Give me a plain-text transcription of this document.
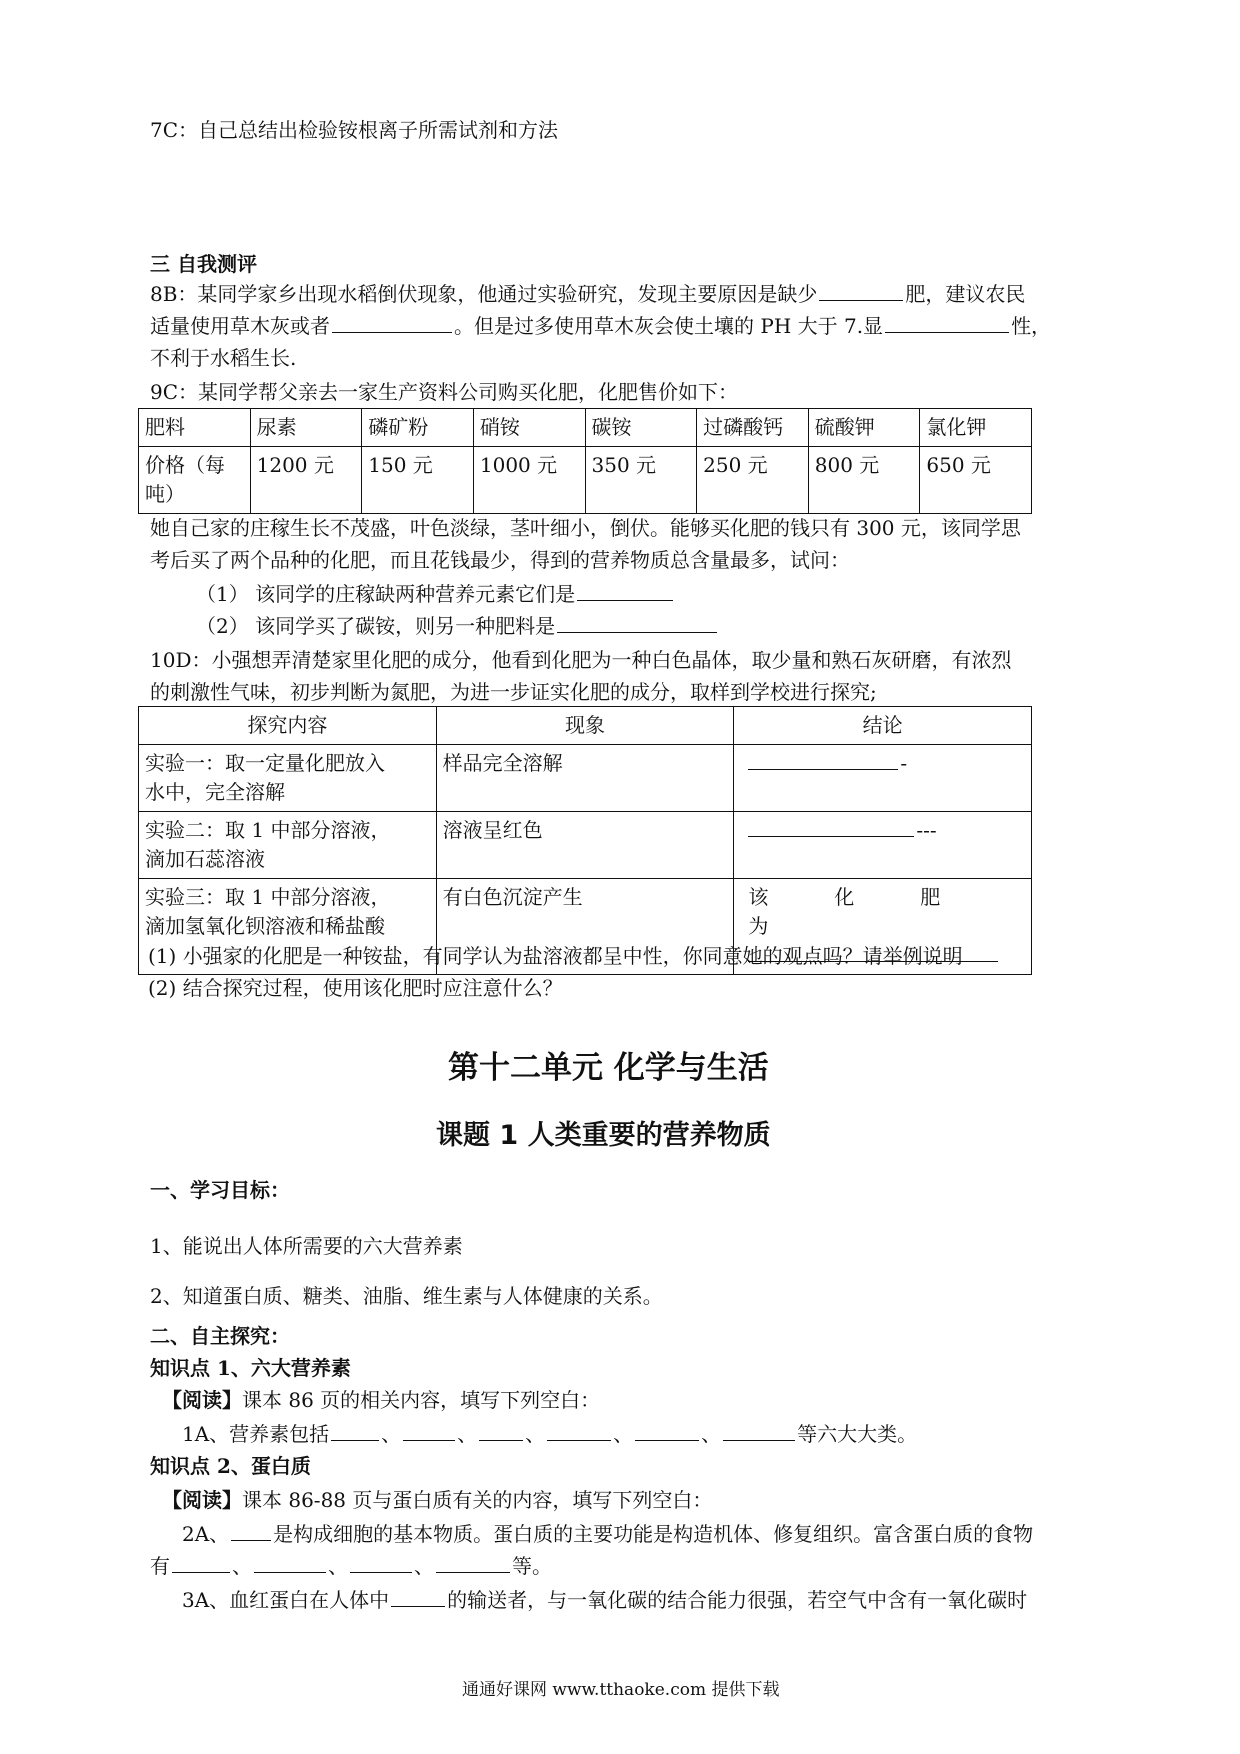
7C：自己总结出检验铵根离子所需试剂和方法
三 自我测评
8B：某同学家乡出现水稻倒伏现象，他通过实验研究，发现主要原因是缺少	肥，建议农民
适量使用草木灰或者	。但是过多使用草木灰会使土壤的 PH 大于 7.显	性，
不利于水稻生长.
9C：某同学帮父亲去一家生产资料公司购买化肥，化肥售价如下：
肥料	尿素	磷矿粉	硝铵	碳铵	过磷酸钙	硫酸钾	氯化钾
价格（每
吨）	1200 元	150 元	1000 元	350 元	250 元	800 元	650 元
她自己家的庄稼生长不茂盛，叶色淡绿，茎叶细小，倒伏。能够买化肥的钱只有 300 元，该同学思
考后买了两个品种的化肥，而且花钱最少，得到的营养物质总含量最多，试问：
（1） 该同学的庄稼缺两种营养元素它们是
（2） 该同学买了碳铵，则另一种肥料是
10D：小强想弄清楚家里化肥的成分，他看到化肥为一种白色晶体，取少量和熟石灰研磨，有浓烈
的刺激性气味，初步判断为氮肥，为进一步证实化肥的成分，取样到学校进行探究;
探究内容	现象	结论
实验一：取一定量化肥放入
水中，完全溶解	样品完全溶解	-
实验二：取 1 中部分溶液，
滴加石蕊溶液	溶液呈红色	---
实验三：取 1 中部分溶液，
滴加氢氧化钡溶液和稀盐酸	有白色沉淀产生	该化肥为
(1) 小强家的化肥是一种铵盐，有同学认为盐溶液都呈中性，你同意她的观点吗？请举例说明
(2) 结合探究过程，使用该化肥时应注意什么？
第十二单元 化学与生活
课题 1 人类重要的营养物质
一、学习目标：
1、能说出人体所需要的六大营养素
2、知道蛋白质、糖类、油脂、维生素与人体健康的关系。
二、自主探究：
知识点 1、六大营养素
【阅读】课本 86 页的相关内容，填写下列空白：
1A、营养素包括	、	、 、	、	、	等六大大类。
知识点 2、蛋白质
【阅读】课本 86-88 页与蛋白质有关的内容，填写下列空白：
2A、 是构成细胞的基本物质。蛋白质的主要功能是构造机体、修复组织。富含蛋白质的食物
有	、	、	、	等。
3A、血红蛋白在人体中	的输送者，与一氧化碳的结合能力很强，若空气中含有一氧化碳时
通通好课网 www.tthaoke.com 提供下载
